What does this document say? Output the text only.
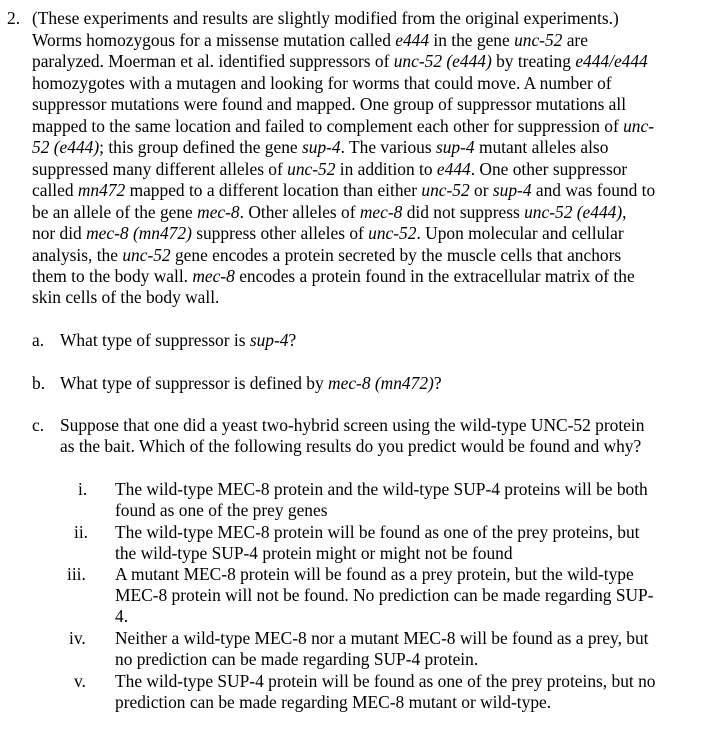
2. (These experiments and results are slightly modified from the original experiments.)
Worms homozygous for a missense mutation called e444 in the gene unc-52 are
paralyzed. Moerman et al. identified suppressors of unc-52 (e444) by treating e444/e444
homozygotes with a mutagen and looking for worms that could move. A number of
suppressor mutations were found and mapped. One group of suppressor mutations all
mapped to the same location and failed to complement each other for suppression of unc-
52 (e444); this group defined the gene sup-4. The various sup-4 mutant alleles also
suppressed many different alleles of unc-52 in addition to e444. One other suppressor
called mn472 mapped to a different location than either unc-52 or sup-4 and was found to
be an allele of the gene mec-8. Other alleles of mec-8 did not suppress unc-52 (e444),
nor did mec-8 (mn472) suppress other alleles of unc-52. Upon molecular and cellular
analysis, the unc-52 gene encodes a protein secreted by the muscle cells that anchors
them to the body wall. mec-8 encodes a protein found in the extracellular matrix of the
skin cells of the body wall.
a. What type of suppressor is sup-4?
b. What type of suppressor is defined by mec-8 (mn472)?
c. Suppose that one did a yeast two-hybrid screen using the wild-type UNC-52 protein
as the bait. Which of the following results do you predict would be found and why?
i. The wild-type MEC-8 protein and the wild-type SUP-4 proteins will be both
found as one of the prey genes
ii. The wild-type MEC-8 protein will be found as one of the prey proteins, but
the wild-type SUP-4 protein might or might not be found
iii. A mutant MEC-8 protein will be found as a prey protein, but the wild-type
MEC-8 protein will not be found. No prediction can be made regarding SUP-
4.
iv. Neither a wild-type MEC-8 nor a mutant MEC-8 will be found as a prey, but
no prediction can be made regarding SUP-4 protein.
v. The wild-type SUP-4 protein will be found as one of the prey proteins, but no
prediction can be made regarding MEC-8 mutant or wild-type.
